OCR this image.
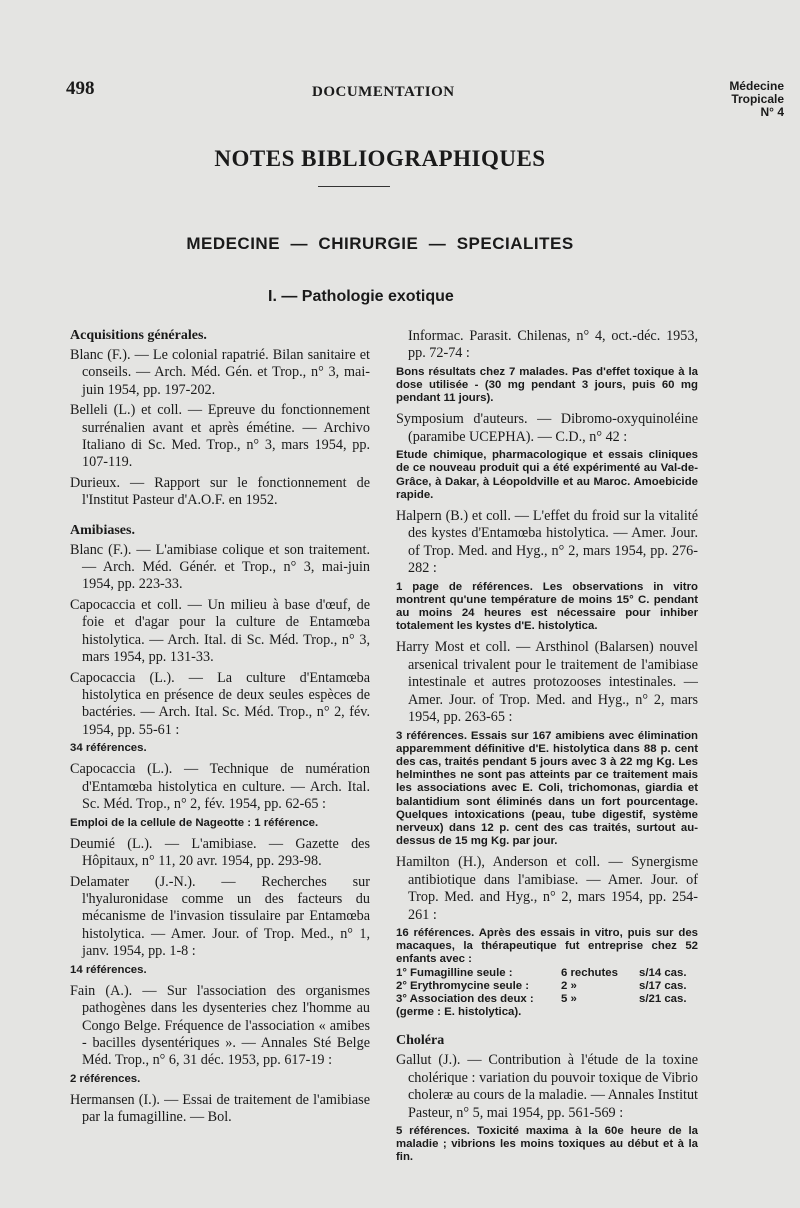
498	DOCUMENTATION	Médecine
Tropicale
N° 4
NOTES BIBLIOGRAPHIQUES
MEDECINE  —  CHIRURGIE  —  SPECIALITES
I. — Pathologie exotique
Acquisitions générales.
Blanc (F.). — Le colonial rapatrié. Bilan sanitaire et conseils. — Arch. Méd. Gén. et Trop., n° 3, mai-juin 1954, pp. 197-202.
Belleli (L.) et coll. — Epreuve du fonctionnement surrénalien avant et après émétine. — Archivo Italiano di Sc. Med. Trop., n° 3, mars 1954, pp. 107-119.
Durieux. — Rapport sur le fonctionnement de l'Institut Pasteur d'A.O.F. en 1952.
Amibiases.
Blanc (F.). — L'amibiase colique et son traitement. — Arch. Méd. Génér. et Trop., n° 3, mai-juin 1954, pp. 223-33.
Capocaccia et coll. — Un milieu à base d'œuf, de foie et d'agar pour la culture de Entamœba histolytica. — Arch. Ital. di Sc. Méd. Trop., n° 3, mars 1954, pp. 131-33.
Capocaccia (L.). — La culture d'Entamœba histolytica en présence de deux seules espèces de bactéries. — Arch. Ital. Sc. Méd. Trop., n° 2, fév. 1954, pp. 55-61 :
34 références.
Capocaccia (L.). — Technique de numération d'Entamœba histolytica en culture. — Arch. Ital. Sc. Méd. Trop., n° 2, fév. 1954, pp. 62-65 :
Emploi de la cellule de Nageotte : 1 référence.
Deumié (L.). — L'amibiase. — Gazette des Hôpitaux, n° 11, 20 avr. 1954, pp. 293-98.
Delamater (J.-N.). — Recherches sur l'hyaluronidase comme un des facteurs du mécanisme de l'invasion tissulaire par Entamœba histolytica. — Amer. Jour. of Trop. Med., n° 1, janv. 1954, pp. 1-8 :
14 références.
Fain (A.). — Sur l'association des organismes pathogènes dans les dysenteries chez l'homme au Congo Belge. Fréquence de l'association « amibes - bacilles dysentériques ». — Annales Sté Belge Méd. Trop., n° 6, 31 déc. 1953, pp. 617-19 :
2 références.
Hermansen (I.). — Essai de traitement de l'amibiase par la fumagilline. — Bol.
Informac. Parasit. Chilenas, n° 4, oct.-déc. 1953, pp. 72-74 :
Bons résultats chez 7 malades. Pas d'effet toxique à la dose utilisée - (30 mg pendant 3 jours, puis 60 mg pendant 11 jours).
Symposium d'auteurs. — Dibromo-oxyquinoléine (paramibe UCEPHA). — C.D., n° 42 :
Etude chimique, pharmacologique et essais cliniques de ce nouveau produit qui a été expérimenté au Val-de-Grâce, à Dakar, à Léopoldville et au Maroc. Amoebicide rapide.
Halpern (B.) et coll. — L'effet du froid sur la vitalité des kystes d'Entamœba histolytica. — Amer. Jour. of Trop. Med. and Hyg., n° 2, mars 1954, pp. 276-282 :
1 page de références. Les observations in vitro montrent qu'une température de moins 15° C. pendant au moins 24 heures est nécessaire pour inhiber totalement les kystes d'E. histolytica.
Harry Most et coll. — Arsthinol (Balarsen) nouvel arsenical trivalent pour le traitement de l'amibiase intestinale et autres protozooses intestinales. — Amer. Jour. of Trop. Med. and Hyg., n° 2, mars 1954, pp. 263-65 :
3 références. Essais sur 167 amibiens avec élimination apparemment définitive d'E. histolytica dans 88 p. cent des cas, traités pendant 5 jours avec 3 à 22 mg Kg. Les helminthes ne sont pas atteints par ce traitement mais les associations avec E. Coli, trichomonas, giardia et balantidium sont éliminés dans un fort pourcentage. Quelques intoxications (peau, tube digestif, système nerveux) dans 12 p. cent des cas traités, surtout au-dessus de 15 mg Kg. par jour.
Hamilton (H.), Anderson et coll. — Synergisme antibiotique dans l'amibiase. — Amer. Jour. of Trop. Med. and Hyg., n° 2, mars 1954, pp. 254-261 :
16 références. Après des essais in vitro, puis sur des macaques, la thérapeutique fut entreprise chez 52 enfants avec :
1° Fumagilline seule :	6 rechutes	s/14 cas.
2° Erythromycine seule :	2 »	s/17 cas.
3° Association des deux :	5 »	s/21 cas.
(germe : E. histolytica).
Choléra
Gallut (J.). — Contribution à l'étude de la toxine cholérique : variation du pouvoir toxique de Vibrio choleræ au cours de la maladie. — Annales Institut Pasteur, n° 5, mai 1954, pp. 561-569 :
5 références. Toxicité maxima à la 60e heure de la maladie ; vibrions les moins toxiques au début et à la fin.
